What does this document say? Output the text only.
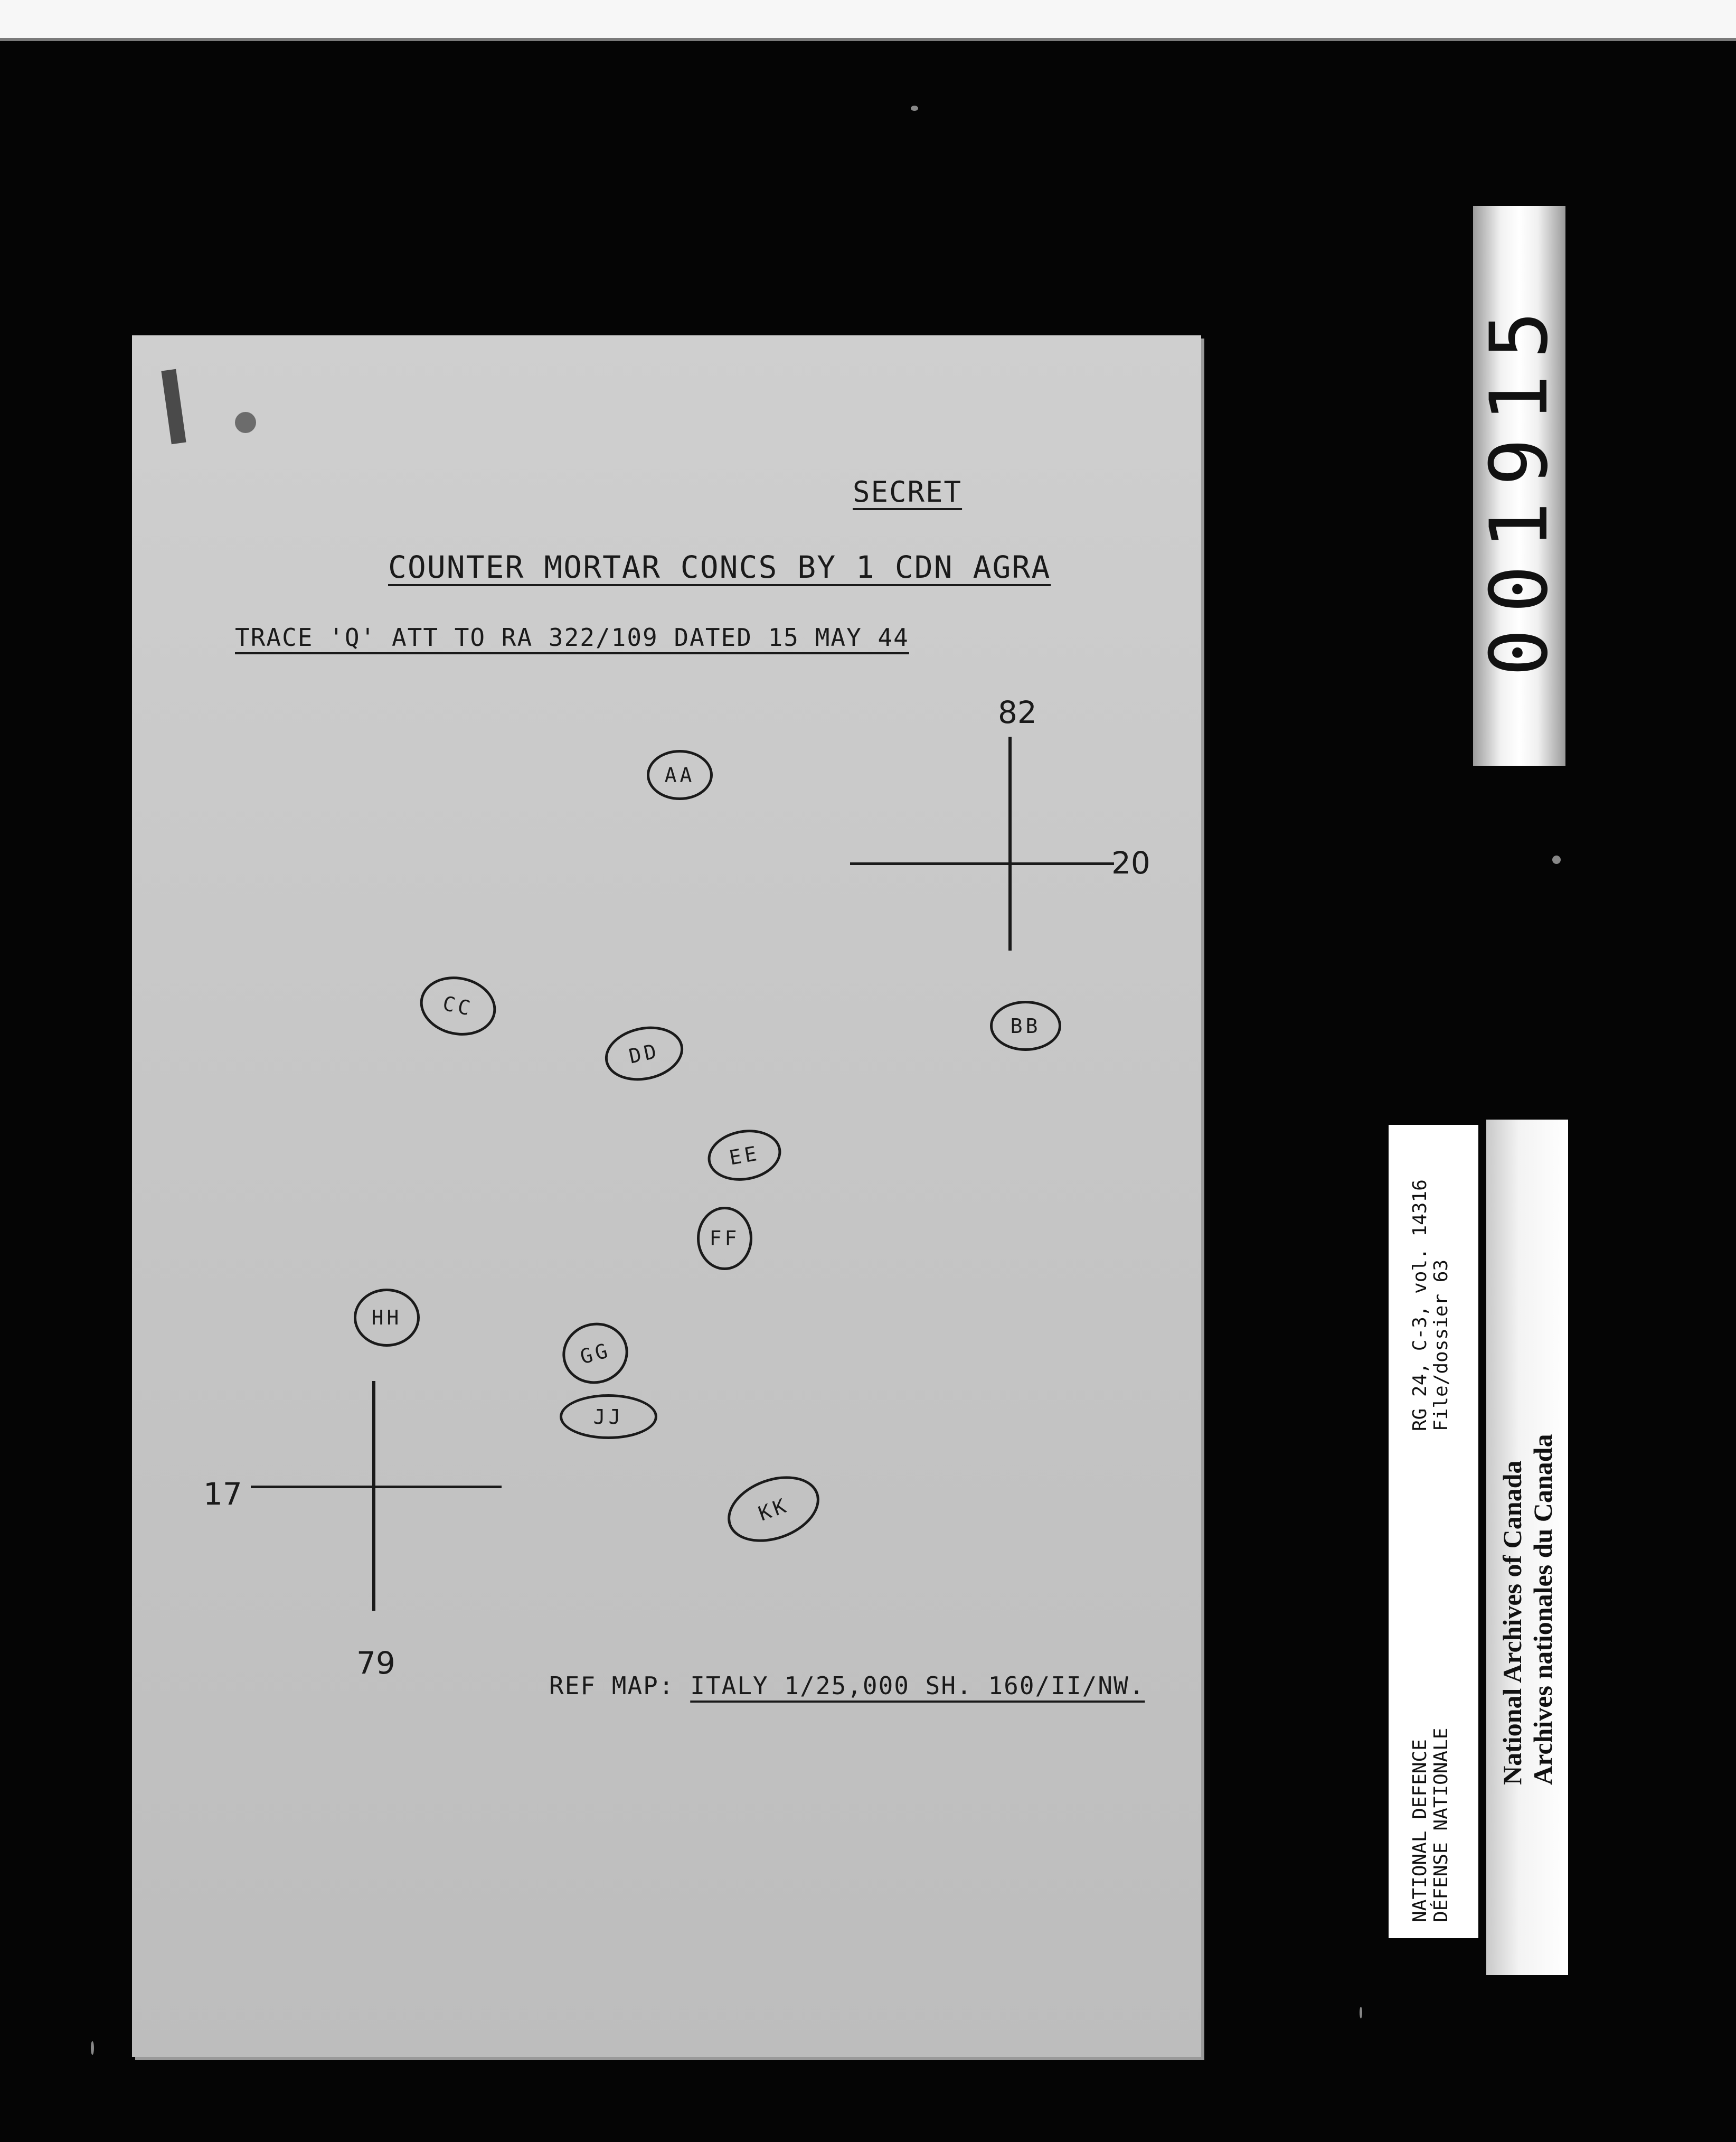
SECRET
COUNTER MORTAR CONCS BY 1 CDN AGRA
TRACE 'Q' ATT TO RA 322/109 DATED 15 MAY 44
82
20
17
79
AA
BB
CC
DD
EE
FF
GG
HH
JJ
KK
REF MAP: ITALY 1/25,000 SH. 160/II/NW.
001915
NATIONAL DEFENCE DÉFENSE NATIONALE
RG 24, C-3, vol. 14316 File/dossier 63
National Archives of Canada Archives nationales du Canada
